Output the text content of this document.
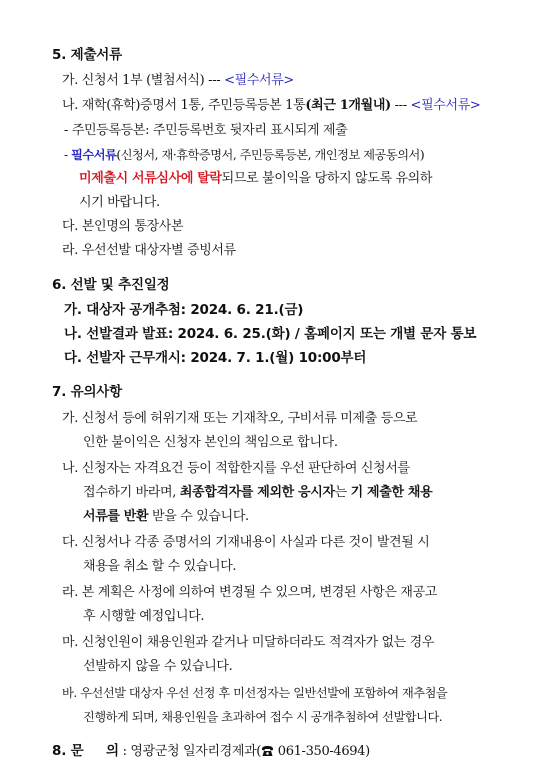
5. 제출서류
가. 신청서 1부 (별첨서식) --- <필수서류>
나. 재학(휴학)증명서 1통, 주민등록등본 1통(최근 1개월내) --- <필수서류>
- 주민등록등본: 주민등록번호 뒷자리 표시되게 제출
- 필수서류(신청서, 재·휴학증명서, 주민등록등본, 개인정보 제공동의서)
미제출시 서류심사에 탈락되므로 불이익을 당하지 않도록 유의하
시기 바랍니다.
다. 본인명의 통장사본
라. 우선선발 대상자별 증빙서류
6. 선발 및 추진일정
가. 대상자 공개추첨: 2024. 6. 21.(금)
나. 선발결과 발표: 2024. 6. 25.(화) / 홈페이지 또는 개별 문자 통보
다. 선발자 근무개시: 2024. 7. 1.(월) 10:00부터
7. 유의사항
가. 신청서 등에 허위기재 또는 기재착오, 구비서류 미제출 등으로
인한 불이익은 신청자 본인의 책임으로 합니다.
나. 신청자는 자격요건 등이 적합한지를 우선 판단하여 신청서를
접수하기 바라며, 최종합격자를 제외한 응시자는 기 제출한 채용
서류를 반환 받을 수 있습니다.
다. 신청서나 각종 증명서의 기재내용이 사실과 다른 것이 발견될 시
채용을 취소 할 수 있습니다.
라. 본 계획은 사정에 의하여 변경될 수 있으며, 변경된 사항은 재공고
후 시행할 예정입니다.
마. 신청인원이 채용인원과 같거나 미달하더라도 적격자가 없는 경우
선발하지 않을 수 있습니다.
바. 우선선발 대상자 우선 선정 후 미선정자는 일반선발에 포함하여 재추첨을
진행하게 되며, 채용인원을 초과하여 접수 시 공개추첨하여 선발합니다.
8. 문     의 : 영광군청 일자리경제과( 061-350-4694)
